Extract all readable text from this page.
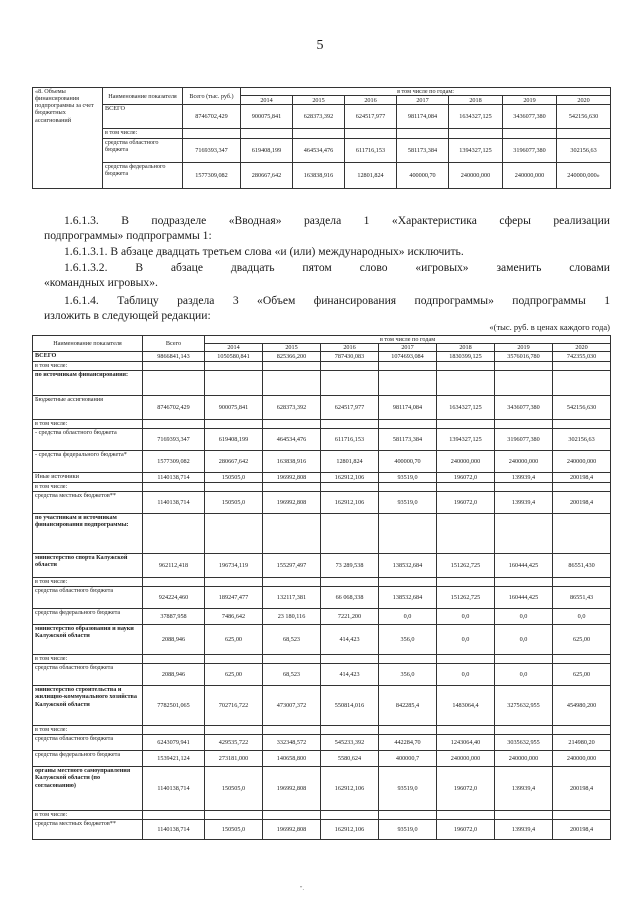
5
«8. Объемы финансирования подпрограммы за счет бюджетных ассигнований	Наименование показателя	Всего (тыс. руб.)	в том числе по годам:						
			2014	2015	2016	2017	2018	2019	2020
	ВСЕГО	8746702,429	900075,841	628373,392	624517,977	981174,084	1634327,125	3436077,380	542156,630
	в том числе:								
	средства областного бюджета	7169393,347	619408,199	464534,476	611716,153	581173,384	1394327,125	3196077,380	302156,63
	средства федерального бюджета	1577309,082	280667,642	163838,916	12801,824	400000,70	240000,000	240000,000	240000,000»
1.6.1.3. В подразделе «Вводная» раздела 1 «Характеристика сферы реализации
подпрограммы» подпрограммы 1:
1.6.1.3.1. В абзаце двадцать третьем слова «и (или) международных» исключить.
1.6.1.3.2. В абзаце двадцать пятом слово «игровых» заменить словами
«командных игровых».
1.6.1.4. Таблицу раздела 3 «Объем финансирования подпрограммы» подпрограммы 1
изложить в следующей редакции:
«(тыс. руб. в ценах каждого года)
Наименование показателя	Всего	в том числе по годам						
		2014	2015	2016	2017	2018	2019	2020
ВСЕГО	9866841,143	1050580,841	825366,200	787430,083	1074693,084	1830399,125	3576016,780	742355,030
в том числе:								
по источникам финансирования:								
Бюджетные ассигнования	8746702,429	900075,841	628373,392	624517,977	981174,084	1634327,125	3436077,380	542156,630
в том числе:								
- средства областного бюджета	7169393,347	619408,199	464534,476	611716,153	581173,384	1394327,125	3196077,380	302156,63
- средства федерального бюджета*	1577309,082	280667,642	163838,916	12801,824	400000,70	240000,000	240000,000	240000,000
Иные источники	1140138,714	150505,0	196992,808	162912,106	93519,0	196072,0	139939,4	200198,4
в том числе:								
средства местных бюджетов**	1140138,714	150505,0	196992,808	162912,106	93519,0	196072,0	139939,4	200198,4
по участникам и источникам финансирования подпрограммы:								
министерство спорта Калужской области	962112,418	196734,119	155297,497	73 289,538	138532,684	151262,725	160444,425	86551,430
в том числе:								
средства областного бюджета	924224,460	189247,477	132117,381	66 068,338	138532,684	151262,725	160444,425	86551,43
средства федерального бюджета	37887,958	7486,642	23 180,116	7221,200	0,0	0,0	0,0	0,0
министерство образования и науки Калужской области	2088,946	625,00	68,523	414,423	356,0	0,0	0,0	625,00
в том числе:								
средства областного бюджета	2088,946	625,00	68,523	414,423	356,0	0,0	0,0	625,00
министерство строительства и жилищно-коммунального хозяйства Калужской области	7782501,065	702716,722	473007,372	550814,016	842285,4	1483064,4	3275632,955	454980,200
в том числе:								
средства областного бюджета	6243079,941	429535,722	332348,572	545233,392	442284,70	1243064,40	3035632,955	214980,20
средства федерального бюджета	1539421,124	273181,000	140658,800	5580,624	400000,7	240000,000	240000,000	240000,000
органы местного самоуправления Калужской области (по согласованию)	1140138,714	150505,0	196992,808	162912,106	93519,0	196072,0	139939,4	200198,4
в том числе:								
средства местных бюджетов**	1140138,714	150505,0	196992,808	162912,106	93519,0	196072,0	139939,4	200198,4
".
